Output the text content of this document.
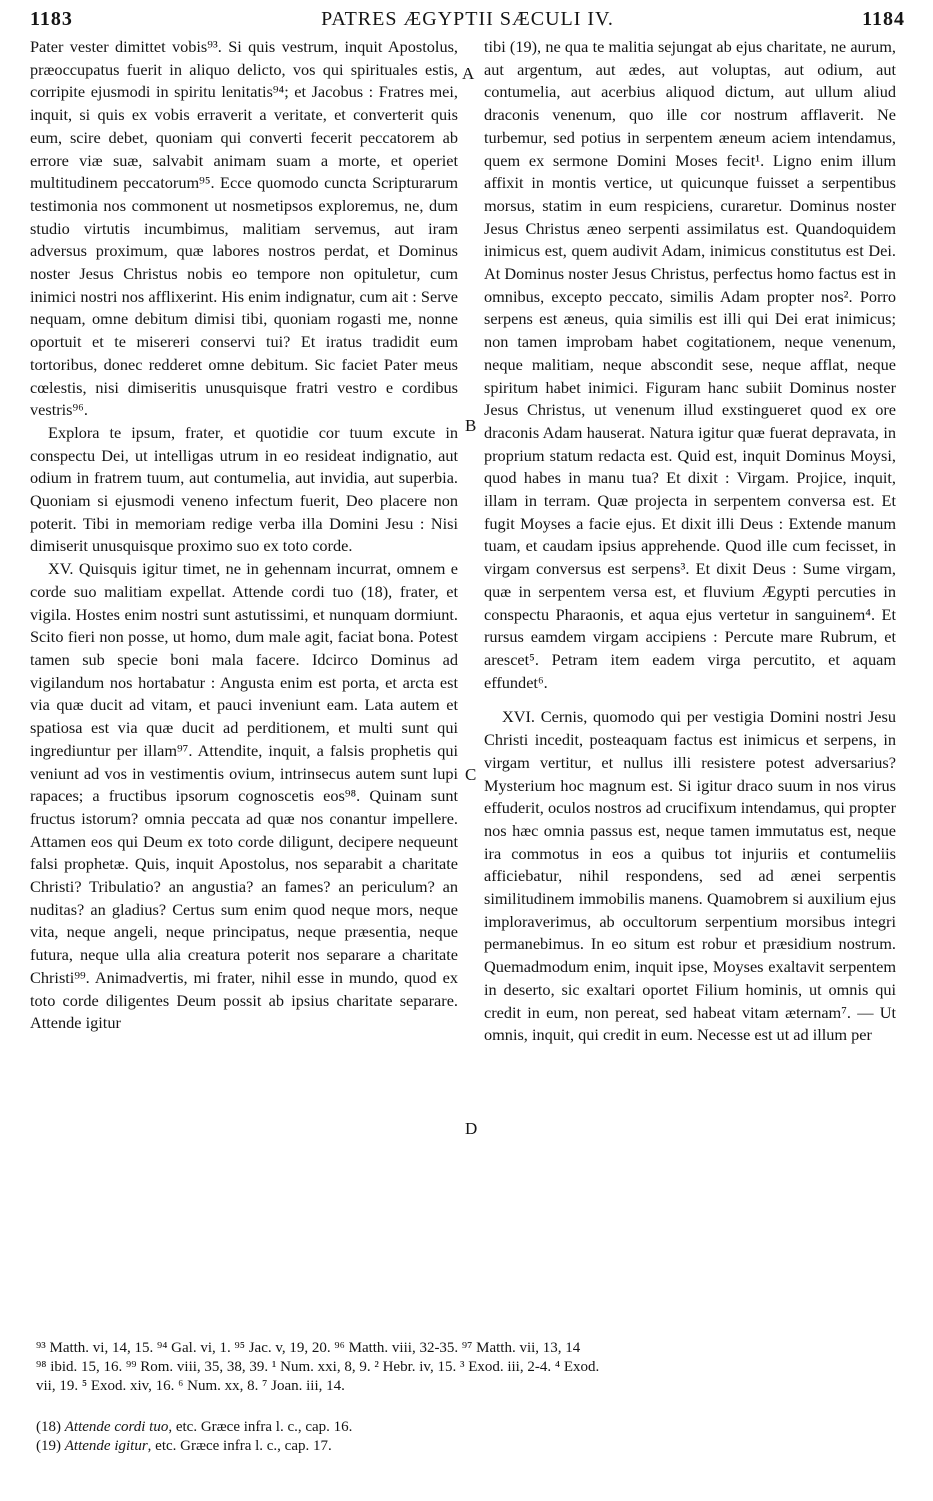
1183	PATRES ÆGYPTII SÆCULI IV.	1184
A
B
C
D

Pater vester dimittet vobis⁹³. Si quis vestrum, inquit Apostolus, præoccupatus fuerit in aliquo delicto, vos qui spirituales estis, corripite ejusmodi in spiritu lenitatis⁹⁴; et Jacobus : Fratres mei, inquit, si quis ex vobis erraverit a veritate, et converterit quis eum, scire debet, quoniam qui converti fecerit peccatorem ab errore viæ suæ, salvabit animam suam a morte, et operiet multitudinem peccatorum⁹⁵. Ecce quomodo cuncta Scripturarum testimonia nos commonent ut nosmetipsos exploremus, ne, dum studio virtutis incumbimus, malitiam servemus, aut iram adversus proximum, quæ labores nostros perdat, et Dominus noster Jesus Christus nobis eo tempore non opituletur, cum inimici nostri nos afflixerint. His enim indignatur, cum ait : Serve nequam, omne debitum dimisi tibi, quoniam rogasti me, nonne oportuit et te misereri conservi tui? Et iratus tradidit eum tortoribus, donec redderet omne debitum. Sic faciet Pater meus cœlestis, nisi dimiseritis unusquisque fratri vestro e cordibus vestris⁹⁶.

Explora te ipsum, frater, et quotidie cor tuum excute in conspectu Dei, ut intelligas utrum in eo resideat indignatio, aut odium in fratrem tuum, aut contumelia, aut invidia, aut superbia. Quoniam si ejusmodi veneno infectum fuerit, Deo placere non poterit. Tibi in memoriam redige verba illa Domini Jesu : Nisi dimiserit unusquisque proximo suo ex toto corde.

XV. Quisquis igitur timet, ne in gehennam incurrat, omnem e corde suo malitiam expellat. Attende cordi tuo (18), frater, et vigila. Hostes enim nostri sunt astutissimi, et nunquam dormiunt. Scito fieri non posse, ut homo, dum male agit, faciat bona. Potest tamen sub specie boni mala facere. Idcirco Dominus ad vigilandum nos hortabatur : Angusta enim est porta, et arcta est via quæ ducit ad vitam, et pauci inveniunt eam. Lata autem et spatiosa est via quæ ducit ad perditionem, et multi sunt qui ingrediuntur per illam⁹⁷. Attendite, inquit, a falsis prophetis qui veniunt ad vos in vestimentis ovium, intrinsecus autem sunt lupi rapaces; a fructibus ipsorum cognoscetis eos⁹⁸. Quinam sunt fructus istorum? omnia peccata ad quæ nos conantur impellere. Attamen eos qui Deum ex toto corde diligunt, decipere nequeunt falsi prophetæ. Quis, inquit Apostolus, nos separabit a charitate Christi? Tribulatio? an angustia? an fames? an periculum? an nuditas? an gladius? Certus sum enim quod neque mors, neque vita, neque angeli, neque principatus, neque præsentia, neque futura, neque ulla alia creatura poterit nos separare a charitate Christi⁹⁹. Animadvertis, mi frater, nihil esse in mundo, quod ex toto corde diligentes Deum possit ab ipsius charitate separare. Attende igitur

tibi (19), ne qua te malitia sejungat ab ejus charitate, ne aurum, aut argentum, aut ædes, aut voluptas, aut odium, aut contumelia, aut acerbius aliquod dictum, aut ullum aliud draconis venenum, quo ille cor nostrum afflaverit. Ne turbemur, sed potius in serpentem æneum aciem intendamus, quem ex sermone Domini Moses fecit¹. Ligno enim illum affixit in montis vertice, ut quicunque fuisset a serpentibus morsus, statim in eum respiciens, curaretur. Dominus noster Jesus Christus æneo serpenti assimilatus est. Quandoquidem inimicus est, quem audivit Adam, inimicus constitutus est Dei. At Dominus noster Jesus Christus, perfectus homo factus est in omnibus, excepto peccato, similis Adam propter nos². Porro serpens est æneus, quia similis est illi qui Dei erat inimicus; non tamen improbam habet cogitationem, neque venenum, neque malitiam, neque abscondit sese, neque afflat, neque spiritum habet inimici. Figuram hanc subiit Dominus noster Jesus Christus, ut venenum illud exstingueret quod ex ore draconis Adam hauserat. Natura igitur quæ fuerat depravata, in proprium statum redacta est. Quid est, inquit Dominus Moysi, quod habes in manu tua? Et dixit : Virgam. Projice, inquit, illam in terram. Quæ projecta in serpentem conversa est. Et fugit Moyses a facie ejus. Et dixit illi Deus : Extende manum tuam, et caudam ipsius apprehende. Quod ille cum fecisset, in virgam conversus est serpens³. Et dixit Deus : Sume virgam, quæ in serpentem versa est, et fluvium Ægypti percuties in conspectu Pharaonis, et aqua ejus vertetur in sanguinem⁴. Et rursus eamdem virgam accipiens : Percute mare Rubrum, et arescet⁵. Petram item eadem virga percutito, et aquam effundet⁶.

XVI. Cernis, quomodo qui per vestigia Domini nostri Jesu Christi incedit, posteaquam factus est inimicus et serpens, in virgam vertitur, et nullus illi resistere potest adversarius? Mysterium hoc magnum est. Si igitur draco suum in nos virus effuderit, oculos nostros ad crucifixum intendamus, qui propter nos hæc omnia passus est, neque tamen immutatus est, neque ira commotus in eos a quibus tot injuriis et contumeliis afficiebatur, nihil respondens, sed ad ænei serpentis similitudinem immobilis manens. Quamobrem si auxilium ejus imploraverimus, ab occultorum serpentium morsibus integri permanebimus. In eo situm est robur et præsidium nostrum. Quemadmodum enim, inquit ipse, Moyses exaltavit serpentem in deserto, sic exaltari oportet Filium hominis, ut omnis qui credit in eum, non pereat, sed habeat vitam æternam⁷. — Ut omnis, inquit, qui credit in eum. Necesse est ut ad illum per

⁹³ Matth. vi, 14, 15. ⁹⁴ Gal. vi, 1. ⁹⁵ Jac. v, 19, 20. ⁹⁶ Matth. viii, 32-35. ⁹⁷ Matth. vii, 13, 14
⁹⁸ ibid. 15, 16. ⁹⁹ Rom. viii, 35, 38, 39. ¹ Num. xxi, 8, 9. ² Hebr. iv, 15. ³ Exod. iii, 2-4. ⁴ Exod.
vii, 19. ⁵ Exod. xiv, 16. ⁶ Num. xx, 8. ⁷ Joan. iii, 14.
(18) Attende cordi tuo, etc. Græce infra l. c., cap. 16.
(19) Attende igitur, etc. Græce infra l. c., cap. 17.
